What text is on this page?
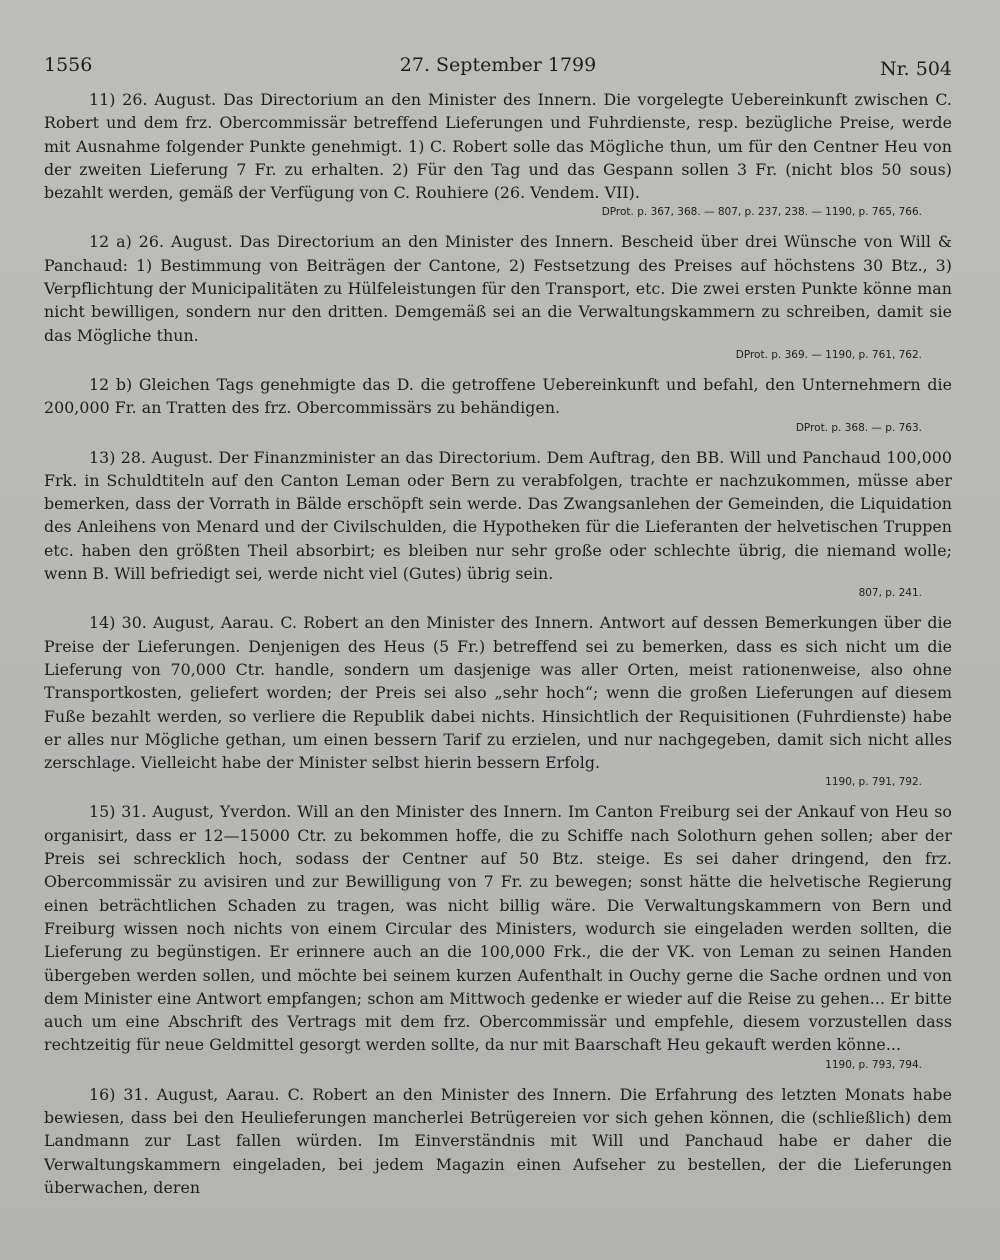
1556	27. September 1799	Nr. 504

11) 26. August. Das Directorium an den Minister des Innern. Die vorgelegte Uebereinkunft zwischen C. Robert und dem frz. Obercommissär betreffend Lieferungen und Fuhrdienste, resp. bezügliche Preise, werde mit Ausnahme folgender Punkte genehmigt. 1) C. Robert solle das Mögliche thun, um für den Centner Heu von der zweiten Lieferung 7 Fr. zu erhalten. 2) Für den Tag und das Gespann sollen 3 Fr. (nicht blos 50 sous) bezahlt werden, gemäß der Verfügung von C. Rouhiere (26. Vendem. VII).

DProt. p. 367, 368. — 807, p. 237, 238. — 1190, p. 765, 766.

12 a) 26. August. Das Directorium an den Minister des Innern. Bescheid über drei Wünsche von Will & Panchaud: 1) Bestimmung von Beiträgen der Cantone, 2) Festsetzung des Preises auf höchstens 30 Btz., 3) Verpflichtung der Municipalitäten zu Hülfeleistungen für den Transport, etc. Die zwei ersten Punkte könne man nicht bewilligen, sondern nur den dritten. Demgemäß sei an die Verwaltungskammern zu schreiben, damit sie das Mögliche thun.

DProt. p. 369. — 1190, p. 761, 762.

12 b) Gleichen Tags genehmigte das D. die getroffene Uebereinkunft und befahl, den Unternehmern die 200,000 Fr. an Tratten des frz. Obercommissärs zu behändigen.

DProt. p. 368. — p. 763.

13) 28. August. Der Finanzminister an das Directorium. Dem Auftrag, den BB. Will und Panchaud 100,000 Frk. in Schuldtiteln auf den Canton Leman oder Bern zu verabfolgen, trachte er nachzukommen, müsse aber bemerken, dass der Vorrath in Bälde erschöpft sein werde. Das Zwangsanlehen der Gemeinden, die Liquidation des Anleihens von Menard und der Civilschulden, die Hypotheken für die Lieferanten der helvetischen Truppen etc. haben den größten Theil absorbirt; es bleiben nur sehr große oder schlechte übrig, die niemand wolle; wenn B. Will befriedigt sei, werde nicht viel (Gutes) übrig sein.

807, p. 241.

14) 30. August, Aarau. C. Robert an den Minister des Innern. Antwort auf dessen Bemerkungen über die Preise der Lieferungen. Denjenigen des Heus (5 Fr.) betreffend sei zu bemerken, dass es sich nicht um die Lieferung von 70,000 Ctr. handle, sondern um dasjenige was aller Orten, meist rationenweise, also ohne Transportkosten, geliefert worden; der Preis sei also „sehr hoch“; wenn die großen Lieferungen auf diesem Fuße bezahlt werden, so verliere die Republik dabei nichts. Hinsichtlich der Requisitionen (Fuhrdienste) habe er alles nur Mögliche gethan, um einen bessern Tarif zu erzielen, und nur nachgegeben, damit sich nicht alles zerschlage. Vielleicht habe der Minister selbst hierin bessern Erfolg.

1190, p. 791, 792.

15) 31. August, Yverdon. Will an den Minister des Innern. Im Canton Freiburg sei der Ankauf von Heu so organisirt, dass er 12—15000 Ctr. zu bekommen hoffe, die zu Schiffe nach Solothurn gehen sollen; aber der Preis sei schrecklich hoch, sodass der Centner auf 50 Btz. steige. Es sei daher dringend, den frz. Obercommissär zu avisiren und zur Bewilligung von 7 Fr. zu bewegen; sonst hätte die helvetische Regierung einen beträchtlichen Schaden zu tragen, was nicht billig wäre. Die Verwaltungskammern von Bern und Freiburg wissen noch nichts von einem Circular des Ministers, wodurch sie eingeladen werden sollten, die Lieferung zu begünstigen. Er erinnere auch an die 100,000 Frk., die der VK. von Leman zu seinen Handen übergeben werden sollen, und möchte bei seinem kurzen Aufenthalt in Ouchy gerne die Sache ordnen und von dem Minister eine Antwort empfangen; schon am Mittwoch gedenke er wieder auf die Reise zu gehen... Er bitte auch um eine Abschrift des Vertrags mit dem frz. Obercommissär und empfehle, diesem vorzustellen dass rechtzeitig für neue Geldmittel gesorgt werden sollte, da nur mit Baarschaft Heu gekauft werden könne...

1190, p. 793, 794.

16) 31. August, Aarau. C. Robert an den Minister des Innern. Die Erfahrung des letzten Monats habe bewiesen, dass bei den Heulieferungen mancherlei Betrügereien vor sich gehen können, die (schließlich) dem Landmann zur Last fallen würden. Im Einverständnis mit Will und Panchaud habe er daher die Verwaltungskammern eingeladen, bei jedem Magazin einen Aufseher zu bestellen, der die Lieferungen überwachen, deren
